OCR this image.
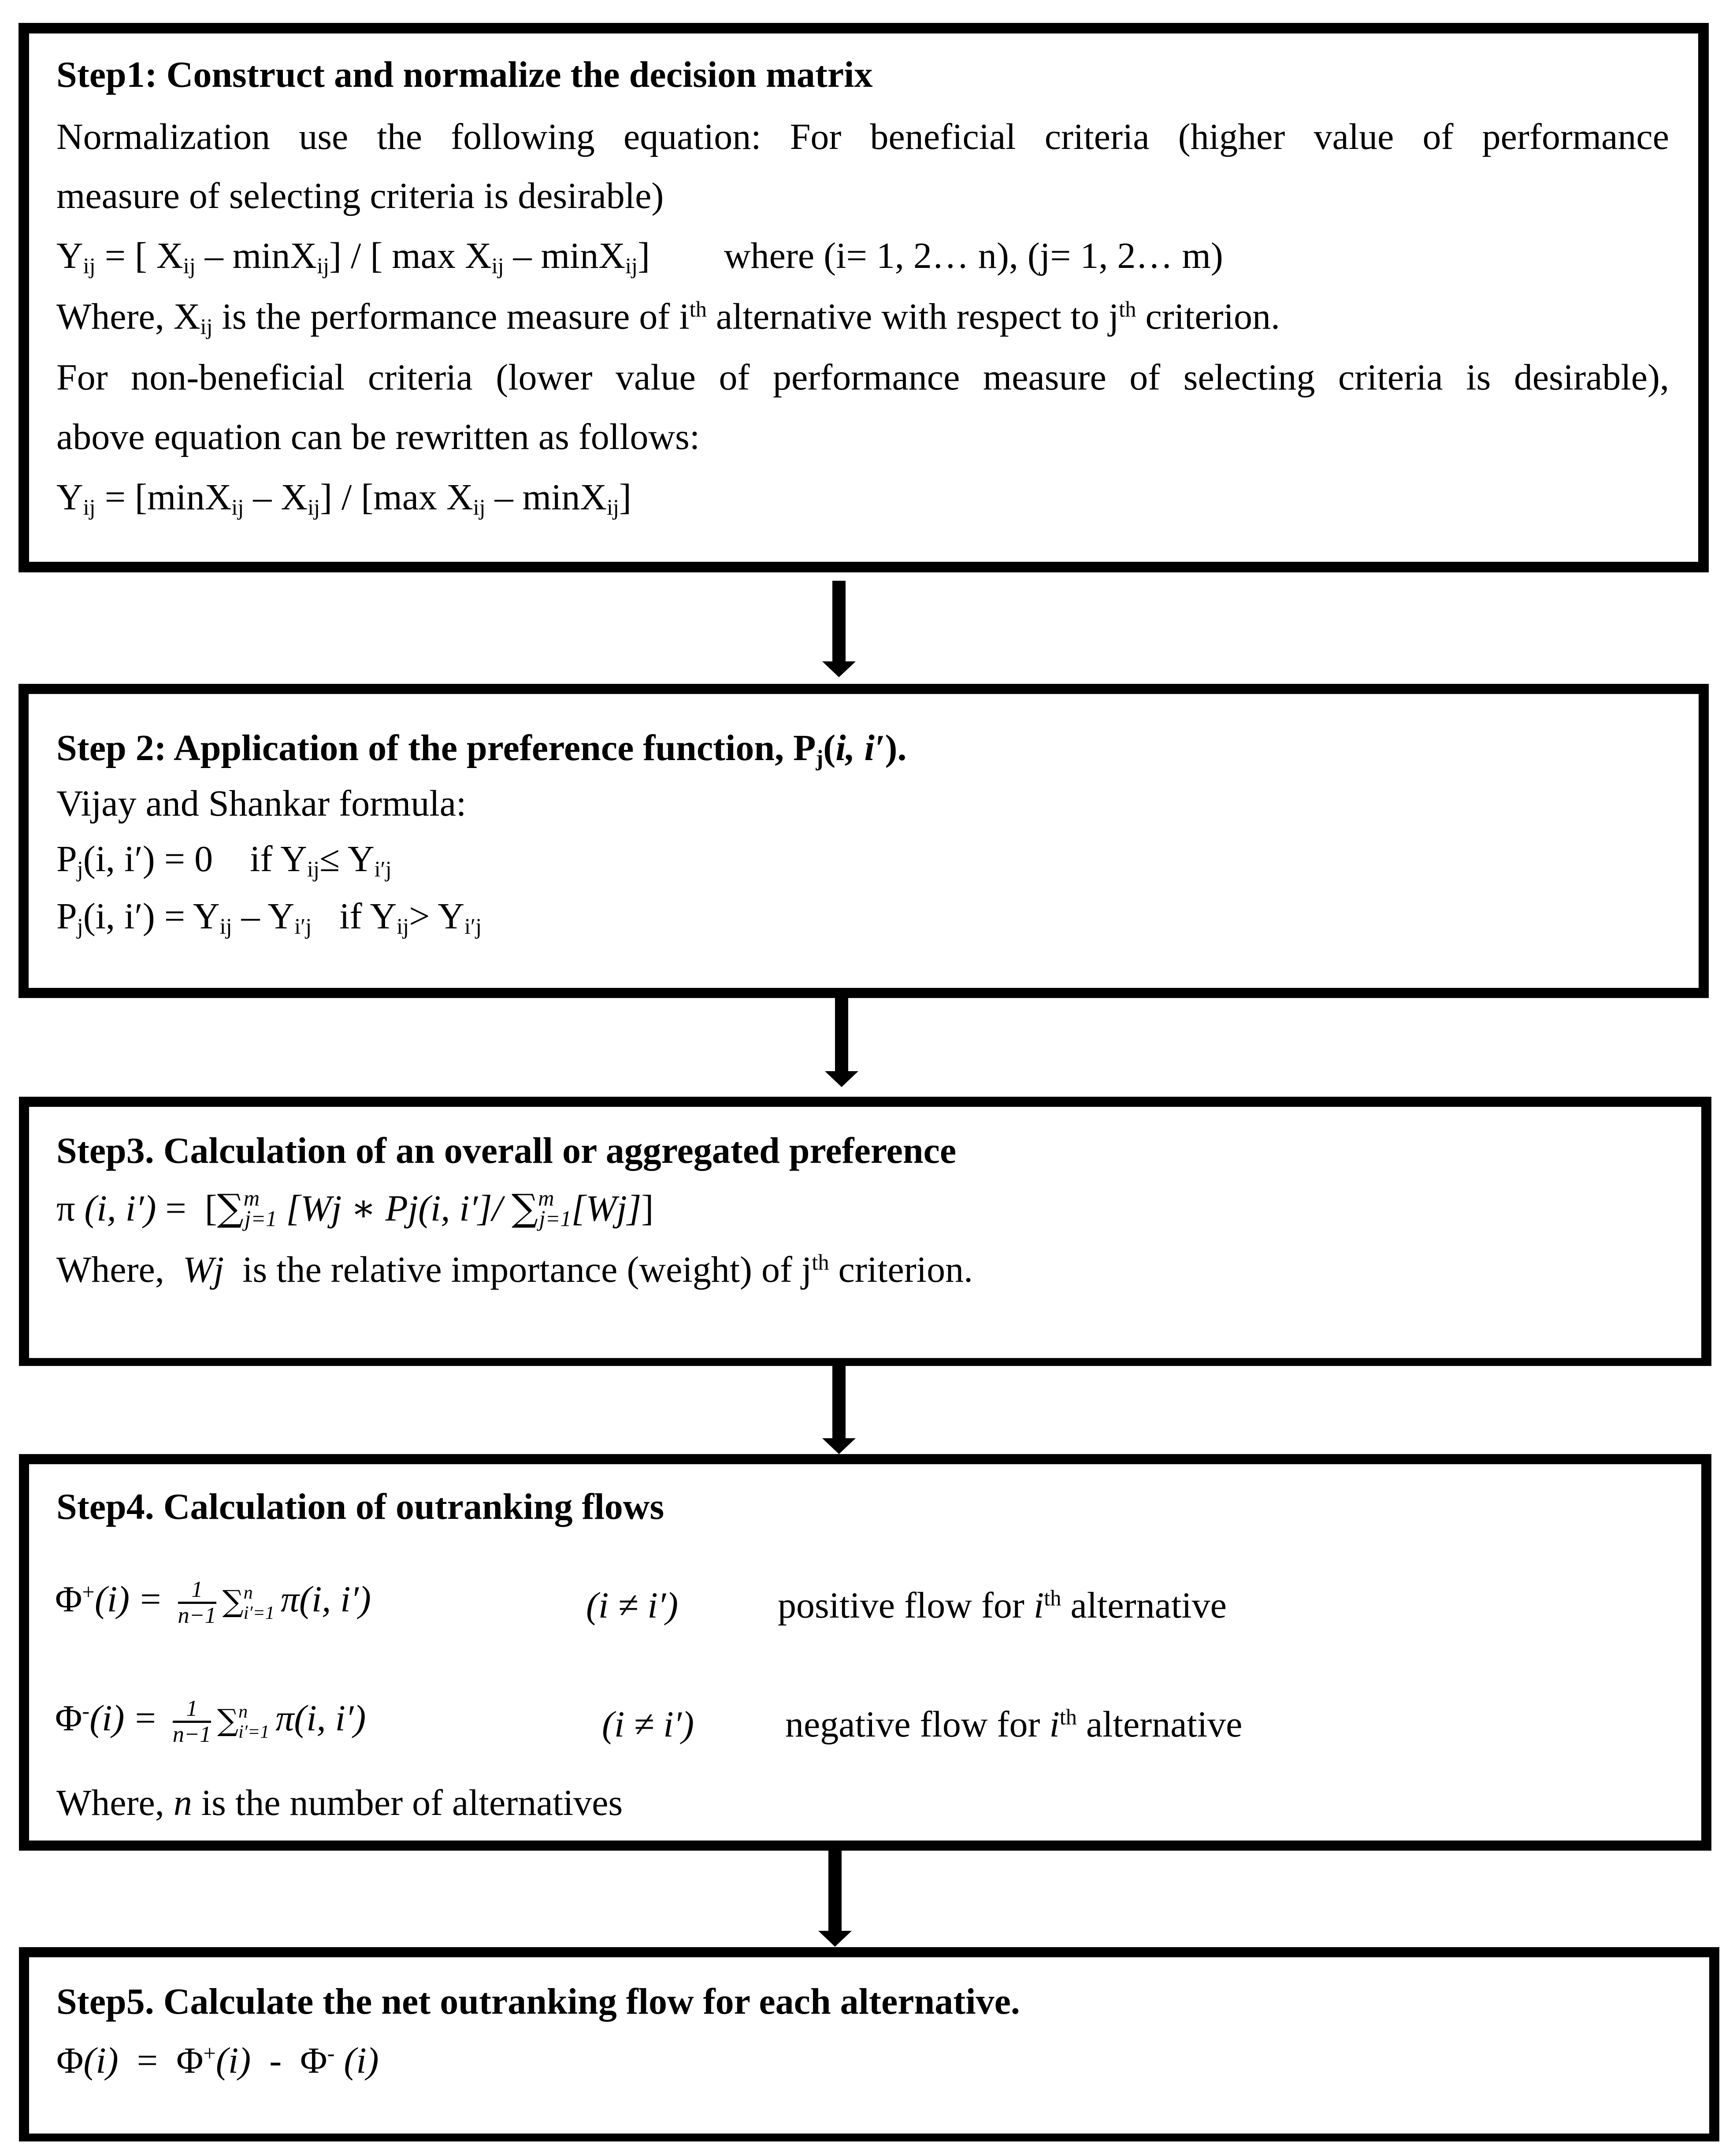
Step1: Construct and normalize the decision matrix
Normalization use the following equation: For beneficial criteria (higher value of performance
measure of selecting criteria is desirable)
$Y_{ij}$ = [ $X_{ij} - \min X_{ij}$] / [ $\max X_{ij} - \min X_{ij}$]        where (i= 1, 2… n), (j= 1, 2… m)
Where, $X_{ij}$ is the performance measure of $i^{th}$ alternative with respect to $j^{th}$ criterion.
For non-beneficial criteria (lower value of performance measure of selecting criteria is desirable),
above equation can be rewritten as follows:
$Y_{ij} = [\min X_{ij} - X_{ij}] / [\max$ $X_{ij} - \min X_{ij}$]
Step 2: Application of the preference function, $P_j(i$, i′).
Vijay and Shankar formula:
$P_j(i$, i′) = 0    if $Y_{ij}\le Y_{i'j}$
$P_j(i$, $i') = Y_{ij} - Y_{i'j}$   if $Y_{ij}> Y_{i'j}$
Step3. Calculation of an overall or aggregated preference
π (i, i′) =  [∑$^m_{j=1}$ [Wj ∗ Pj(i, i′]/ ∑$^m_{j=1}$[Wj]]
Where,  Wj  is the relative importance (weight) of $j^{th}$ criterion.
Step4. Calculation of outranking flows
$\Phi^+(i) = \frac{1}{n-1}$ ∑ n
i′=1 π(i, i′)	(i ≠ i′)	positive flow for $i^{th}$ alternative
$\Phi^-(i) = \frac{1}{n-1}$ ∑ n
i′=1 π(i, i′)	(i ≠ i′) negative flow for $i^{th}$ alternative
Where, n is the number of alternatives
Step5. Calculate the net outranking flow for each alternative.
Φ(i)  =  Φ+(i)  -  Φ- (i)
